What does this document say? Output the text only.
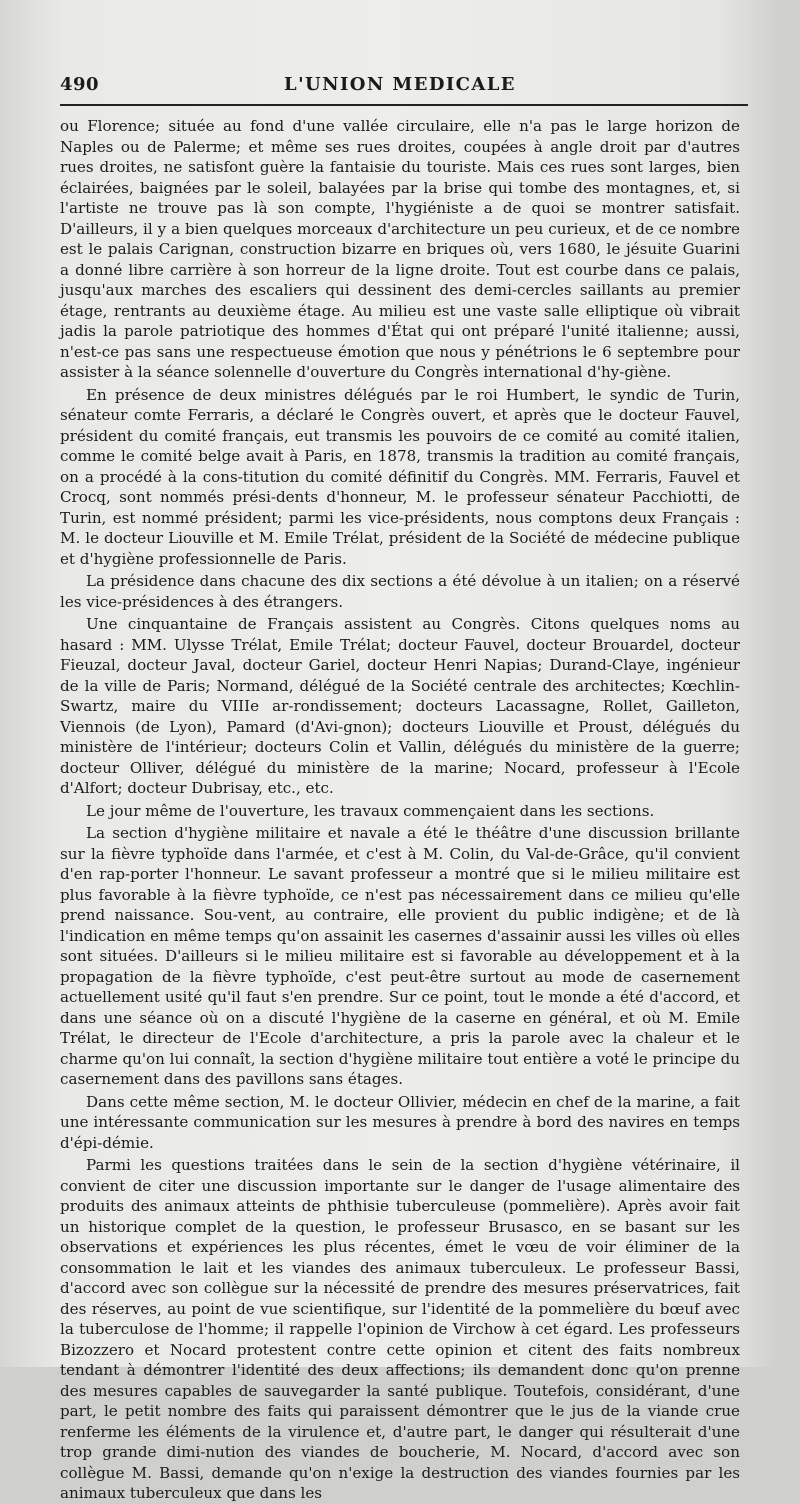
490	L'UNION MEDICALE

ou Florence; située au fond d'une vallée circulaire, elle n'a pas le large horizon de Naples ou de Palerme; et même ses rues droites, coupées à angle droit par d'autres rues droites, ne satisfont guère la fantaisie du touriste. Mais ces rues sont larges, bien éclairées, baignées par le soleil, balayées par la brise qui tombe des montagnes, et, si l'artiste ne trouve pas là son compte, l'hygiéniste a de quoi se montrer satisfait. D'ailleurs, il y a bien quelques morceaux d'architecture un peu curieux, et de ce nombre est le palais Carignan, construction bizarre en briques où, vers 1680, le jésuite Guarini a donné libre carrière à son horreur de la ligne droite. Tout est courbe dans ce palais, jusqu'aux marches des escaliers qui dessinent des demi-cercles saillants au premier étage, rentrants au deuxième étage. Au milieu est une vaste salle elliptique où vibrait jadis la parole patriotique des hommes d'État qui ont préparé l'unité italienne; aussi, n'est-ce pas sans une respectueuse émotion que nous y pénétrions le 6 septembre pour assister à la séance solennelle d'ouverture du Congrès international d'hy-giène.

En présence de deux ministres délégués par le roi Humbert, le syndic de Turin, sénateur comte Ferraris, a déclaré le Congrès ouvert, et après que le docteur Fauvel, président du comité français, eut transmis les pouvoirs de ce comité au comité italien, comme le comité belge avait à Paris, en 1878, transmis la tradition au comité français, on a procédé à la cons-titution du comité définitif du Congrès. MM. Ferraris, Fauvel et Crocq, sont nommés prési-dents d'honneur, M. le professeur sénateur Pacchiotti, de Turin, est nommé président; parmi les vice-présidents, nous comptons deux Français : M. le docteur Liouville et M. Emile Trélat, président de la Société de médecine publique et d'hygiène professionnelle de Paris.

La présidence dans chacune des dix sections a été dévolue à un italien; on a réservé les vice-présidences à des étrangers.

Une cinquantaine de Français assistent au Congrès. Citons quelques noms au hasard : MM. Ulysse Trélat, Emile Trélat; docteur Fauvel, docteur Brouardel, docteur Fieuzal, docteur Javal, docteur Gariel, docteur Henri Napias; Durand-Claye, ingénieur de la ville de Paris; Normand, délégué de la Société centrale des architectes; Kœchlin-Swartz, maire du VIIIe ar-rondissement; docteurs Lacassagne, Rollet, Gailleton, Viennois (de Lyon), Pamard (d'Avi-gnon); docteurs Liouville et Proust, délégués du ministère de l'intérieur; docteurs Colin et Vallin, délégués du ministère de la guerre; docteur Olliver, délégué du ministère de la marine; Nocard, professeur à l'Ecole d'Alfort; docteur Dubrisay, etc., etc.

Le jour même de l'ouverture, les travaux commençaient dans les sections.

La section d'hygiène militaire et navale a été le théâtre d'une discussion brillante sur la fièvre typhoïde dans l'armée, et c'est à M. Colin, du Val-de-Grâce, qu'il convient d'en rap-porter l'honneur. Le savant professeur a montré que si le milieu militaire est plus favorable à la fièvre typhoïde, ce n'est pas nécessairement dans ce milieu qu'elle prend naissance. Sou-vent, au contraire, elle provient du public indigène; et de là l'indication en même temps qu'on assainit les casernes d'assainir aussi les villes où elles sont situées. D'ailleurs si le milieu militaire est si favorable au développement et à la propagation de la fièvre typhoïde, c'est peut-être surtout au mode de casernement actuellement usité qu'il faut s'en prendre. Sur ce point, tout le monde a été d'accord, et dans une séance où on a discuté l'hygiène de la caserne en général, et où M. Emile Trélat, le directeur de l'Ecole d'architecture, a pris la parole avec la chaleur et le charme qu'on lui connaît, la section d'hygiène militaire tout entière a voté le principe du casernement dans des pavillons sans étages.

Dans cette même section, M. le docteur Ollivier, médecin en chef de la marine, a fait une intéressante communication sur les mesures à prendre à bord des navires en temps d'épi-démie.

Parmi les questions traitées dans le sein de la section d'hygiène vétérinaire, il convient de citer une discussion importante sur le danger de l'usage alimentaire des produits des animaux atteints de phthisie tuberculeuse (pommelière). Après avoir fait un historique complet de la question, le professeur Brusasco, en se basant sur les observations et expériences les plus récentes, émet le vœu de voir éliminer de la consommation le lait et les viandes des animaux tuberculeux. Le professeur Bassi, d'accord avec son collègue sur la nécessité de prendre des mesures préservatrices, fait des réserves, au point de vue scientifique, sur l'identité de la pommelière du bœuf avec la tuberculose de l'homme; il rappelle l'opinion de Virchow à cet égard. Les professeurs Bizozzero et Nocard protestent contre cette opinion et citent des faits nombreux tendant à démontrer l'identité des deux affections; ils demandent donc qu'on prenne des mesures capables de sauvegarder la santé publique. Toutefois, considérant, d'une part, le petit nombre des faits qui paraissent démontrer que le jus de la viande crue renferme les éléments de la virulence et, d'autre part, le danger qui résulterait d'une trop grande dimi-nution des viandes de boucherie, M. Nocard, d'accord avec son collègue M. Bassi, demande qu'on n'exige la destruction des viandes fournies par les animaux tuberculeux que dans les
